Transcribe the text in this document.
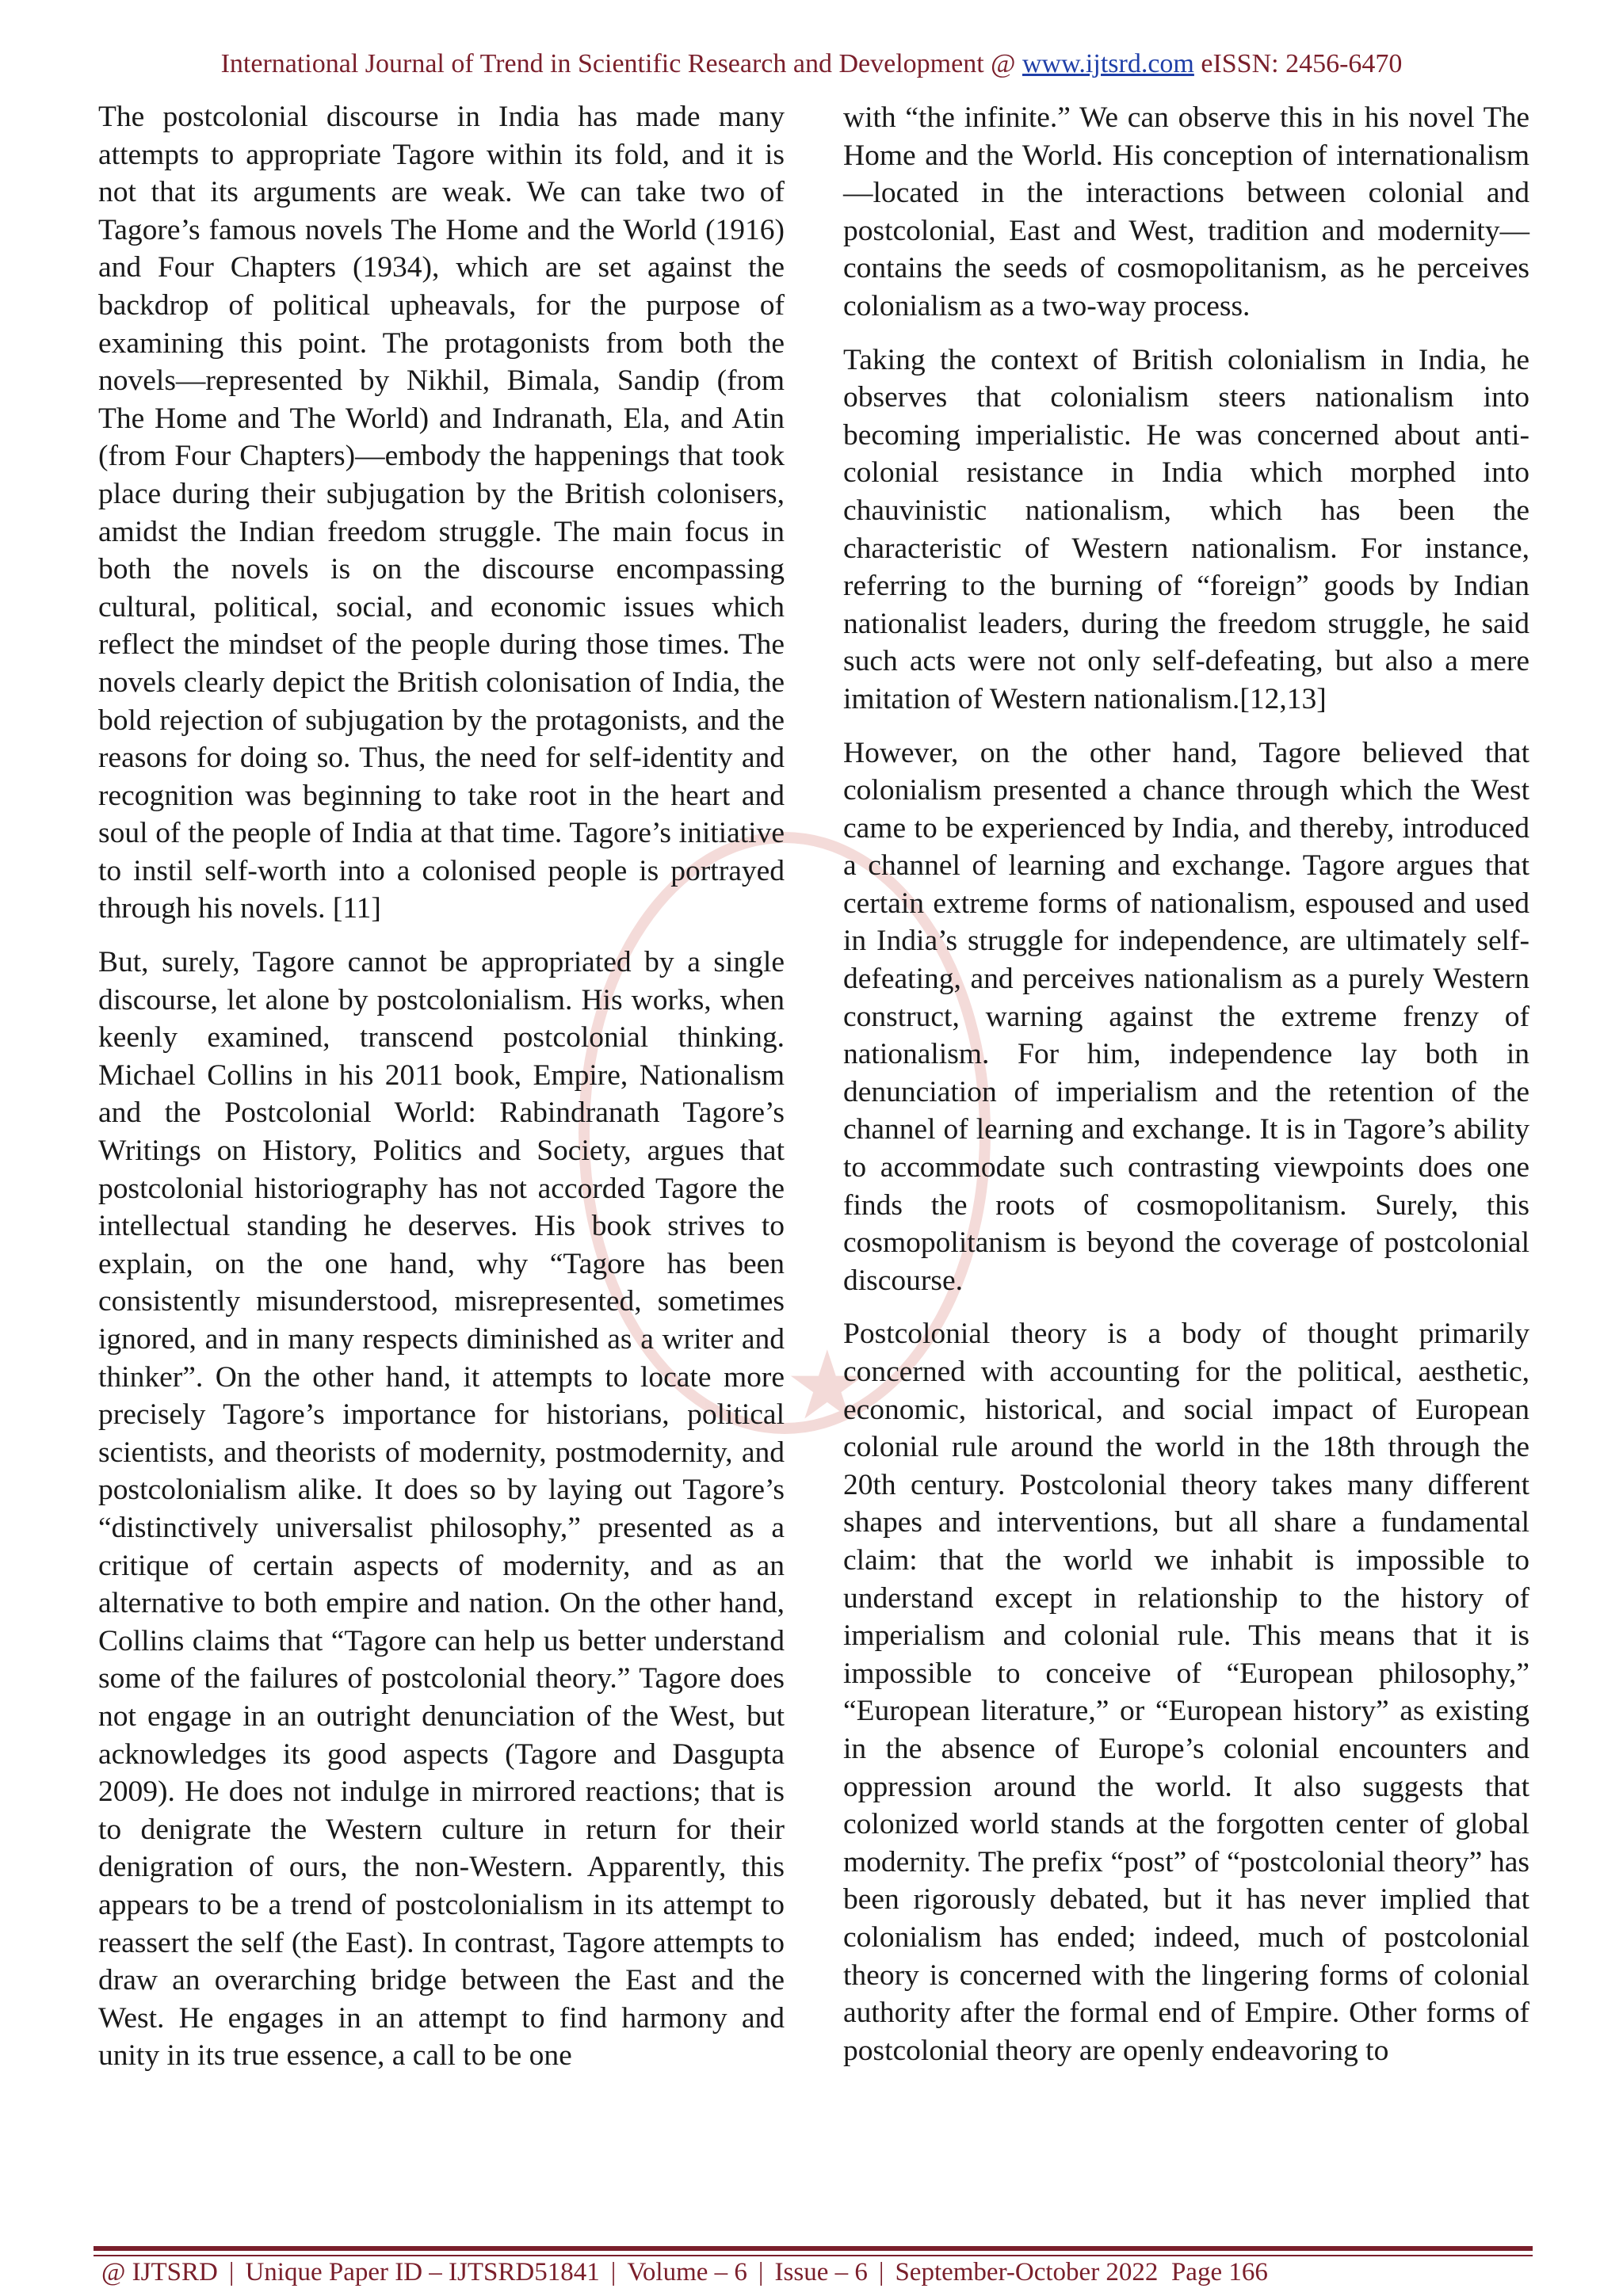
International Journal of Trend in Scientific Research and Development @ www.ijtsrd.com eISSN: 2456-6470
★

The postcolonial discourse in India has made many attempts to appropriate Tagore within its fold, and it is not that its arguments are weak. We can take two of Tagore’s famous novels The Home and the World (1916) and Four Chapters (1934), which are set against the backdrop of political upheavals, for the purpose of examining this point. The protagonists from both the novels—represented by Nikhil, Bimala, Sandip (from The Home and The World) and Indranath, Ela, and Atin (from Four Chapters)—embody the happenings that took place during their subjugation by the British colonisers, amidst the Indian freedom struggle. The main focus in both the novels is on the discourse encompassing cultural, political, social, and economic issues which reflect the mindset of the people during those times. The novels clearly depict the British colonisation of India, the bold rejection of subjugation by the protagonists, and the reasons for doing so. Thus, the need for self-identity and recognition was beginning to take root in the heart and soul of the people of India at that time. Tagore’s initiative to instil self-worth into a colonised people is portrayed through his novels. [11]

But, surely, Tagore cannot be appropriated by a single discourse, let alone by postcolonialism. His works, when keenly examined, transcend postcolonial thinking. Michael Collins in his 2011 book, Empire, Nationalism and the Postcolonial World: Rabindranath Tagore’s Writings on History, Politics and Society, argues that postcolonial historiography has not accorded Tagore the intellectual standing he deserves. His book strives to explain, on the one hand, why “Tagore has been consistently misunderstood, misrepresented, sometimes ignored, and in many respects diminished as a writer and thinker”. On the other hand, it attempts to locate more precisely Tagore’s importance for historians, political scientists, and theorists of modernity, postmodernity, and postcolonialism alike. It does so by laying out Tagore’s “distinctively universalist philosophy,” presented as a critique of certain aspects of modernity, and as an alternative to both empire and nation. On the other hand, Collins claims that “Tagore can help us better understand some of the failures of postcolonial theory.” Tagore does not engage in an outright denunciation of the West, but acknowledges its good aspects (Tagore and Dasgupta 2009). He does not indulge in mirrored reactions; that is to denigrate the Western culture in return for their denigration of ours, the non-Western. Apparently, this appears to be a trend of postcolonialism in its attempt to reassert the self (the East). In contrast, Tagore attempts to draw an overarching bridge between the East and the West. He engages in an attempt to find harmony and unity in its true essence, a call to be one

with “the infinite.” We can observe this in his novel The Home and the World. His conception of internationalism—located in the interactions between colonial and postcolonial, East and West, tradition and modernity—contains the seeds of cosmopolitanism, as he perceives colonialism as a two-way process.

Taking the context of British colonialism in India, he observes that colonialism steers nationalism into becoming imperialistic. He was concerned about anti-colonial resistance in India which morphed into chauvinistic nationalism, which has been the characteristic of Western nationalism. For instance, referring to the burning of “foreign” goods by Indian nationalist leaders, during the freedom struggle, he said such acts were not only self-defeating, but also a mere imitation of Western nationalism.[12,13]

However, on the other hand, Tagore believed that colonialism presented a chance through which the West came to be experienced by India, and thereby, introduced a channel of learning and exchange. Tagore argues that certain extreme forms of nationalism, espoused and used in India’s struggle for independence, are ultimately self-defeating, and perceives nationalism as a purely Western construct, warning against the extreme frenzy of nationalism. For him, independence lay both in denunciation of imperialism and the retention of the channel of learning and exchange. It is in Tagore’s ability to accommodate such contrasting viewpoints does one finds the roots of cosmopolitanism. Surely, this cosmopolitanism is beyond the coverage of postcolonial discourse.

Postcolonial theory is a body of thought primarily concerned with accounting for the political, aesthetic, economic, historical, and social impact of European colonial rule around the world in the 18th through the 20th century. Postcolonial theory takes many different shapes and interventions, but all share a fundamental claim: that the world we inhabit is impossible to understand except in relationship to the history of imperialism and colonial rule. This means that it is impossible to conceive of “European philosophy,” “European literature,” or “European history” as existing in the absence of Europe’s colonial encounters and oppression around the world. It also suggests that colonized world stands at the forgotten center of global modernity. The prefix “post” of “postcolonial theory” has been rigorously debated, but it has never implied that colonialism has ended; indeed, much of postcolonial theory is concerned with the lingering forms of colonial authority after the formal end of Empire. Other forms of postcolonial theory are openly endeavoring to

@ IJTSRD | Unique Paper ID – IJTSRD51841 | Volume – 6 | Issue – 6 | September-October 2022 Page 166
